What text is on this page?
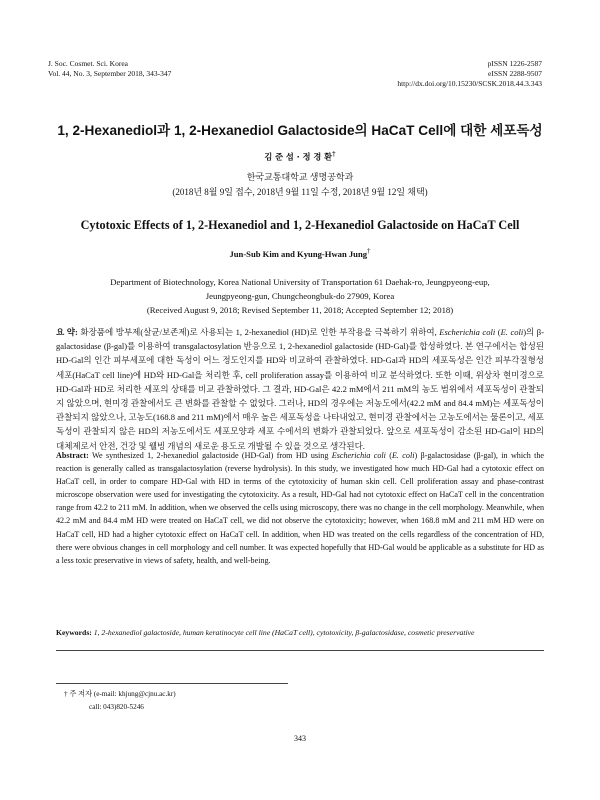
J. Soc. Cosmet. Sci. Korea
Vol. 44, No. 3, September 2018, 343-347
pISSN 1226-2587
eISSN 2288-9507
http://dx.doi.org/10.15230/SCSK.2018.44.3.343
1, 2-Hexanediol과 1, 2-Hexanediol Galactoside의 HaCaT Cell에 대한 세포독성
김 준 섭 · 정 경 환†
한국교통대학교 생명공학과
(2018년 8월 9일 접수, 2018년 9월 11일 수정, 2018년 9월 12일 채택)
Cytotoxic Effects of 1, 2-Hexanediol and 1, 2-Hexanediol Galactoside on HaCaT Cell
Jun-Sub Kim and Kyung-Hwan Jung†
Department of Biotechnology, Korea National University of Transportation 61 Daehak-ro, Jeungpyeong-eup,
Jeungpyeong-gun, Chungcheongbuk-do 27909, Korea
(Received August 9, 2018; Revised September 11, 2018; Accepted September 12; 2018)
요 약: 화장품에 방부제(살균/보존제)로 사용되는 1, 2-hexanediol (HD)로 인한 부작용을 극복하기 위하여, Escherichia coli (E. coli)의 β-galactosidase (β-gal)를 이용하여 transgalactosylation 반응으로 1, 2-hexanediol galactoside (HD-Gal)를 합성하였다. 본 연구에서는 합성된 HD-Gal의 인간 피부세포에 대한 독성이 어느 정도인지를 HD와 비교하여 관찰하였다. HD-Gal과 HD의 세포독성은 인간 피부각질형성세포(HaCaT cell line)에 HD와 HD-Gal을 처리한 후, cell proliferation assay를 이용하여 비교 분석하였다. 또한 이때, 위상차 현미경으로 HD-Gal과 HD로 처리한 세포의 상태를 비교 관찰하였다. 그 결과, HD-Gal은 42.2 mM에서 211 mM의 농도 범위에서 세포독성이 관찰되지 않았으며, 현미경 관찰에서도 큰 변화를 관찰할 수 없었다. 그러나, HD의 경우에는 저농도에서(42.2 mM and 84.4 mM)는 세포독성이 관찰되지 않았으나, 고농도(168.8 and 211 mM)에서 매우 높은 세포독성을 나타내었고, 현미경 관찰에서는 고농도에서는 물론이고, 세포독성이 관찰되지 않은 HD의 저농도에서도 세포모양과 세포 수에서의 변화가 관찰되었다. 앞으로 세포독성이 감소된 HD-Gal이 HD의 대체제로서 안전, 건강 및 웰빙 개념의 새로운 용도로 개발될 수 있을 것으로 생각된다.
Abstract: We synthesized 1, 2-hexanediol galactoside (HD-Gal) from HD using Escherichia coli (E. coli) β-galactosidase (β-gal), in which the reaction is generally called as transgalactosylation (reverse hydrolysis). In this study, we investigated how much HD-Gal had a cytotoxic effect on HaCaT cell, in order to compare HD-Gal with HD in terms of the cytotoxicity of human skin cell. Cell proliferation assay and phase-contrast microscope observation were used for investigating the cytotoxicity. As a result, HD-Gal had not cytotoxic effect on HaCaT cell in the concentration range from 42.2 to 211 mM. In addition, when we observed the cells using microscopy, there was no change in the cell morphology. Meanwhile, when 42.2 mM and 84.4 mM HD were treated on HaCaT cell, we did not observe the cytotoxicity; however, when 168.8 mM and 211 mM HD were on HaCaT cell, HD had a higher cytotoxic effect on HaCaT cell. In addition, when HD was treated on the cells regardless of the concentration of HD, there were obvious changes in cell morphology and cell number. It was expected hopefully that HD-Gal would be applicable as a substitute for HD as a less toxic preservative in views of safety, health, and well-being.
Keywords: 1, 2-hexanediol galactoside, human keratinocyte cell line (HaCaT cell), cytotoxicity, β-galactosidase, cosmetic preservative
† 주 저자 (e-mail: khjung@cjnu.ac.kr)
call: 043)820-5246
343
